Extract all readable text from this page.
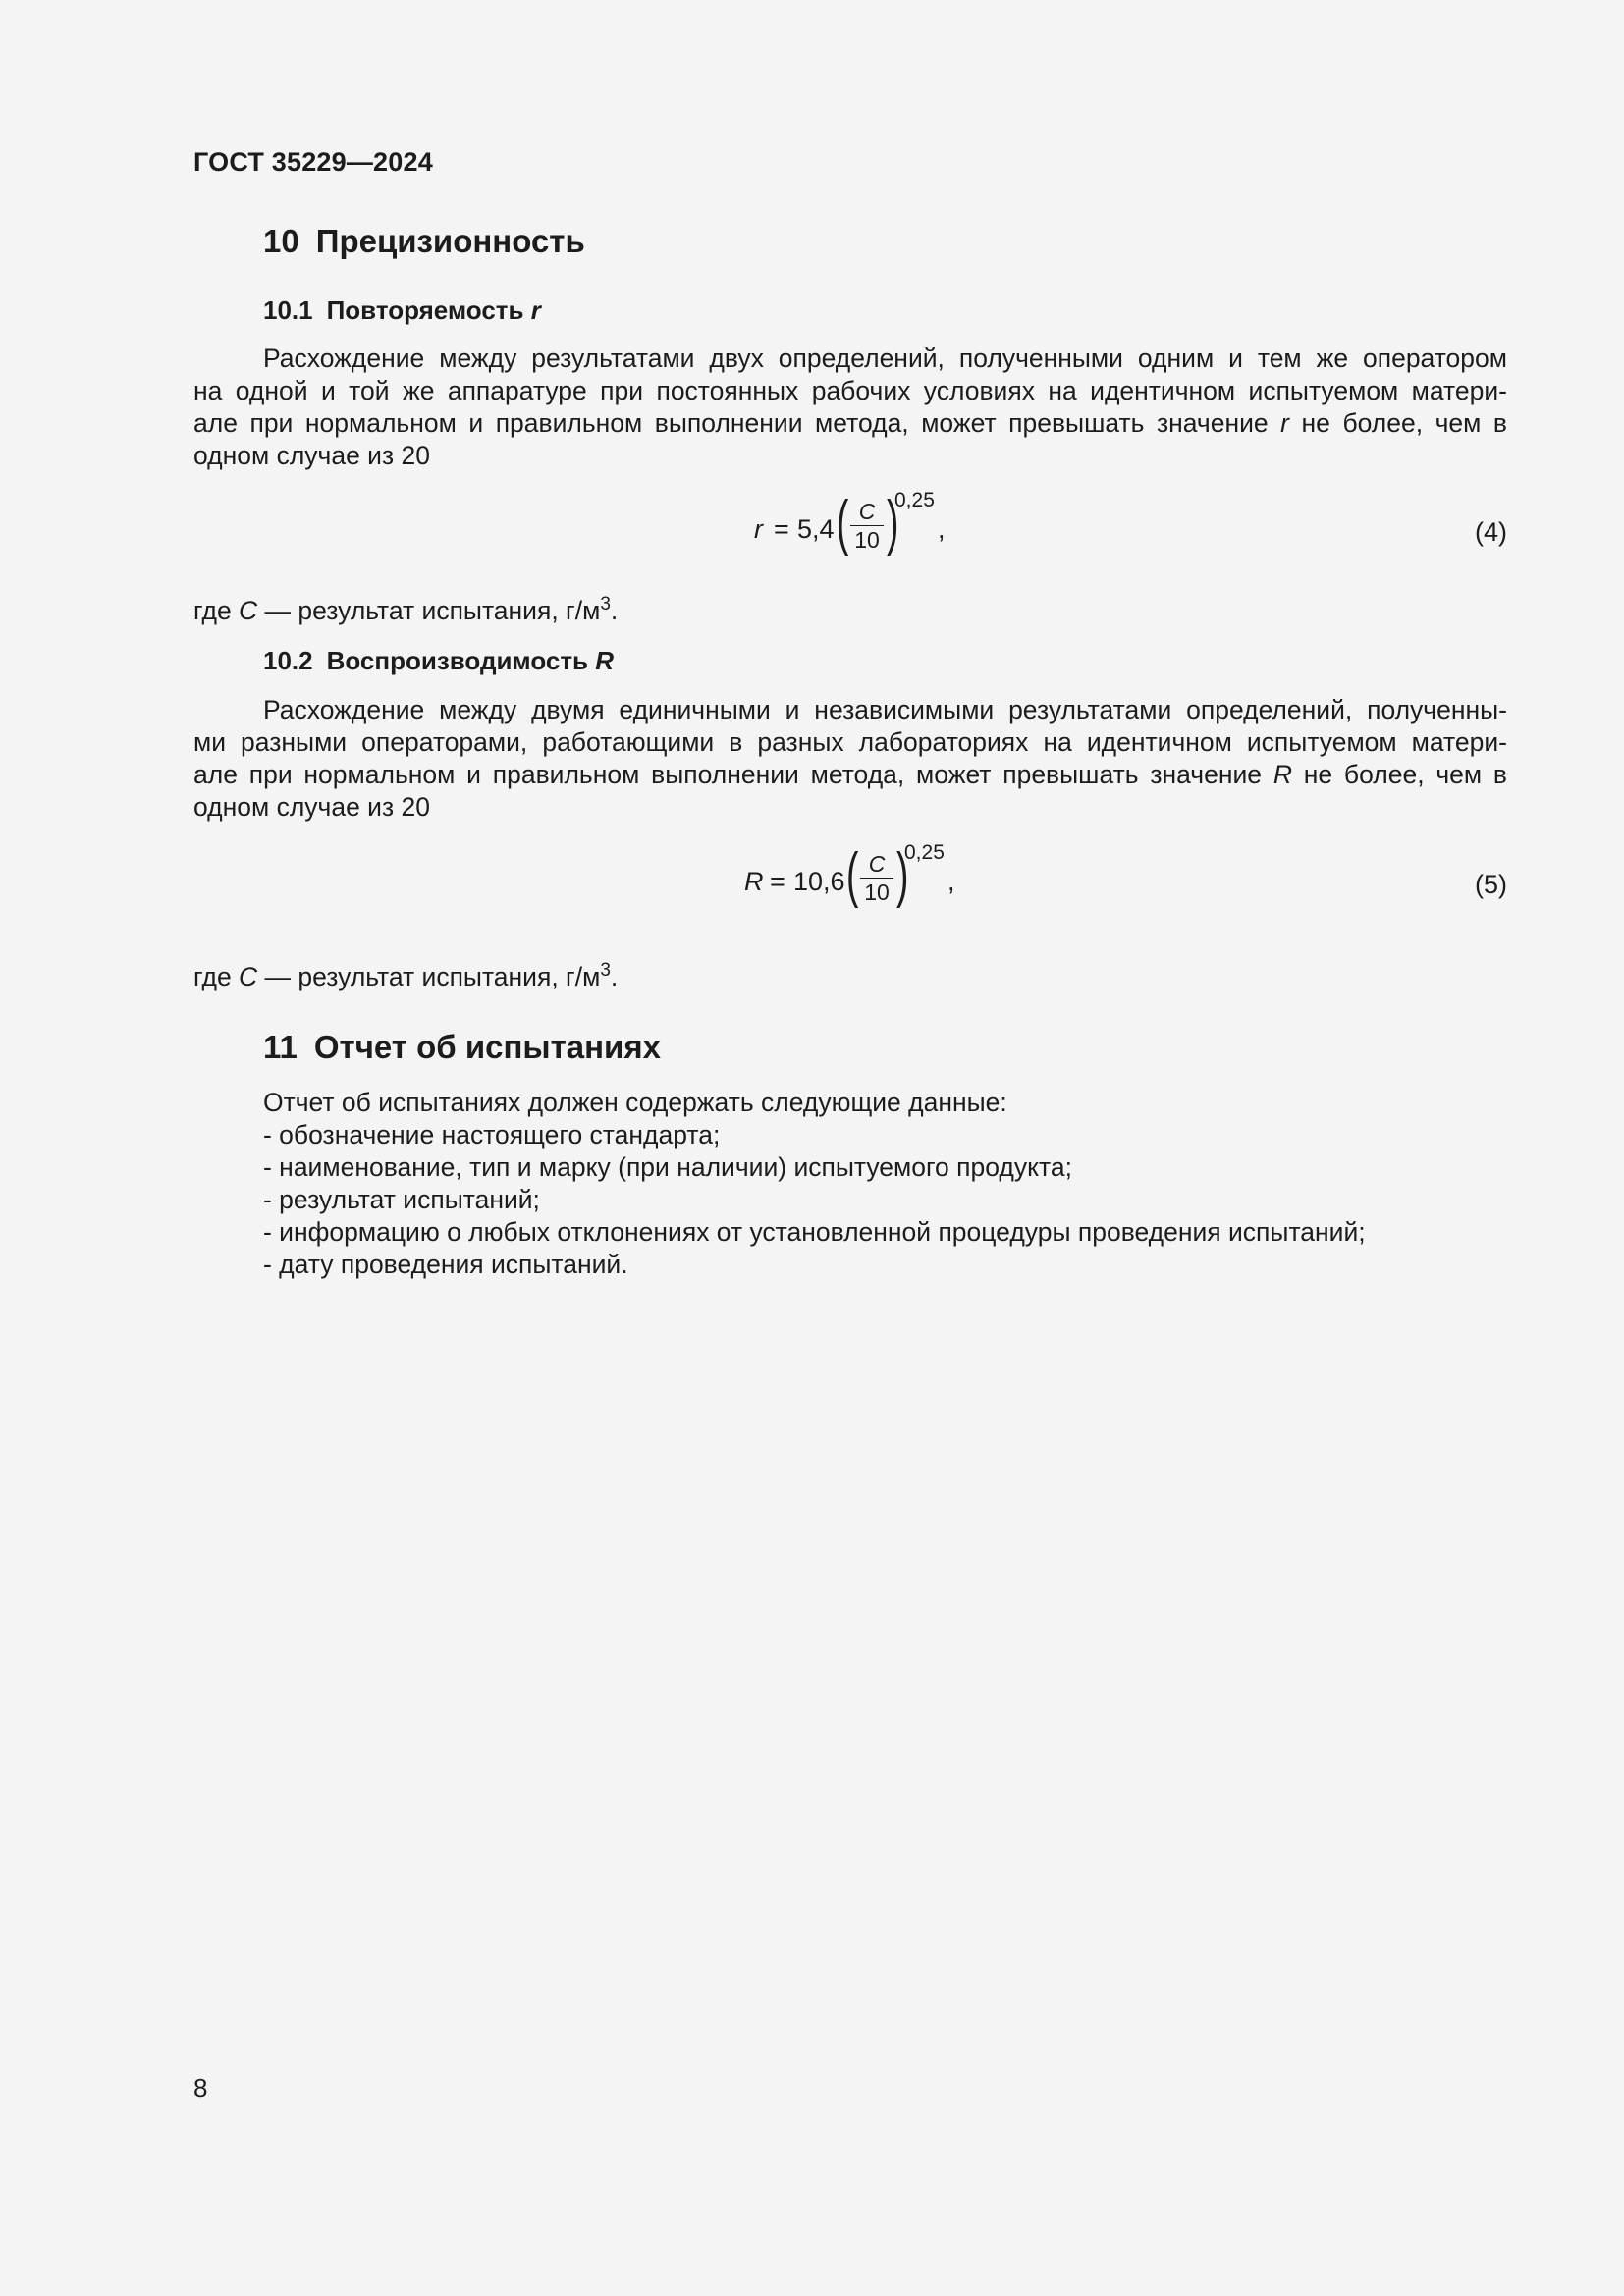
ГОСТ 35229—2024
10 Прецизионность
10.1 Повторяемость r
Расхождение между результатами двух определений, полученными одним и тем же оператором
на одной и той же аппаратуре при постоянных рабочих условиях на идентичном испытуемом матери-
але при нормальном и правильном выполнении метода, может превышать значение r не более, чем в
одном случае из 20
r = 5,4 ( C
10 )
0,25
,	(4)
где C — результат испытания, $г/м^3$.
10.2 Воспроизводимость R
Расхождение между двумя единичными и независимыми результатами определений, полученны-
ми разными операторами, работающими в разных лабораториях на идентичном испытуемом матери-
але при нормальном и правильном выполнении метода, может превышать значение R не более, чем в
одном случае из 20
R = 10,6 ( C
10 )
0,25
,	(5)
где C — результат испытания, $г/м^3$.
11 Отчет об испытаниях
Отчет об испытаниях должен содержать следующие данные:
- обозначение настоящего стандарта;
- наименование, тип и марку (при наличии) испытуемого продукта;
- результат испытаний;
- информацию о любых отклонениях от установленной процедуры проведения испытаний;
- дату проведения испытаний.
8
